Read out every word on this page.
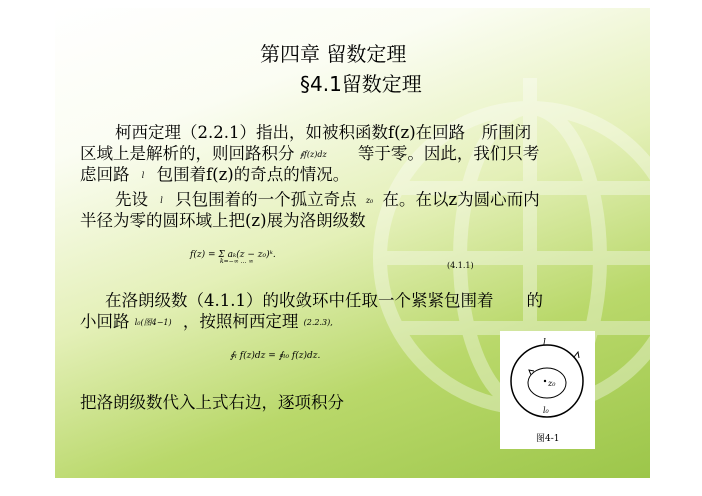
第四章 留数定理
§4.1留数定理
柯西定理（2.2.1）指出，如被积函数f(z)在回路　所围闭
区域上是解析的，则回路积分 ∮f(z)dz 等于零。因此，我们只考
虑回路 l 包围着f(z)的奇点的情况。
先设 l 只包围着的一个孤立奇点 z₀ 在。在以z为圆心而内
半径为零的圆环域上把(z)展为洛朗级数
f(z) = Σ aₖ(z − z₀)ᵏ.
k=−∞ … ∞	(4.1.1)
在洛朗级数（4.1.1）的收敛环中任取一个紧紧包围着　　的
小回路 l₀(图4−1) ，按照柯西定理 (2.2.3),
∮ₗ f(z)dz = ∮ₗ₀ f(z)dz.
把洛朗级数代入上式右边，逐项积分
l
z₀
l₀
图4-1
